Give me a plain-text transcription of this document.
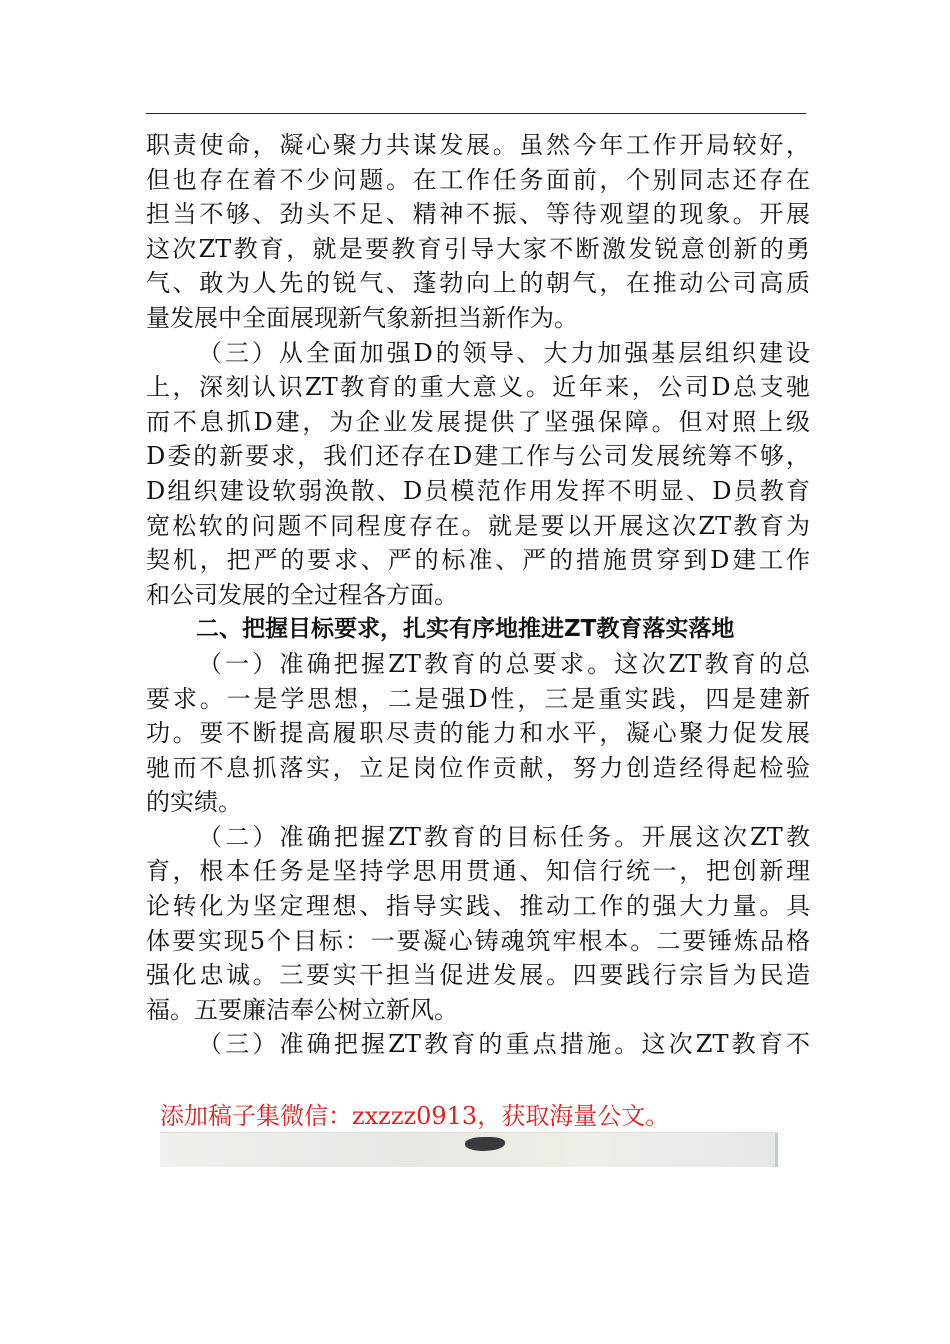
职责使命，凝心聚力共谋发展。虽然今年工作开局较好，
但也存在着不少问题。在工作任务面前，个别同志还存在
担当不够、劲头不足、精神不振、等待观望的现象。开展
这次ZT教育，就是要教育引导大家不断激发锐意创新的勇
气、敢为人先的锐气、蓬勃向上的朝气，在推动公司高质
量发展中全面展现新气象新担当新作为。
（三）从全面加强D的领导、大力加强基层组织建设
上，深刻认识ZT教育的重大意义。近年来，公司D总支驰
而不息抓D建，为企业发展提供了坚强保障。但对照上级
D委的新要求，我们还存在D建工作与公司发展统筹不够，
D组织建设软弱涣散、D员模范作用发挥不明显、D员教育
宽松软的问题不同程度存在。就是要以开展这次ZT教育为
契机，把严的要求、严的标准、严的措施贯穿到D建工作
和公司发展的全过程各方面。
二、把握目标要求，扎实有序地推进ZT教育落实落地
（一）准确把握ZT教育的总要求。这次ZT教育的总
要求。一是学思想，二是强D性，三是重实践，四是建新
功。要不断提高履职尽责的能力和水平，凝心聚力促发展
驰而不息抓落实，立足岗位作贡献，努力创造经得起检验
的实绩。
（二）准确把握ZT教育的目标任务。开展这次ZT教
育，根本任务是坚持学思用贯通、知信行统一，把创新理
论转化为坚定理想、指导实践、推动工作的强大力量。具
体要实现5个目标：一要凝心铸魂筑牢根本。二要锤炼品格
强化忠诚。三要实干担当促进发展。四要践行宗旨为民造
福。五要廉洁奉公树立新风。
（三）准确把握ZT教育的重点措施。这次ZT教育不
添加稿子集微信：zxzzz0913，获取海量公文。
